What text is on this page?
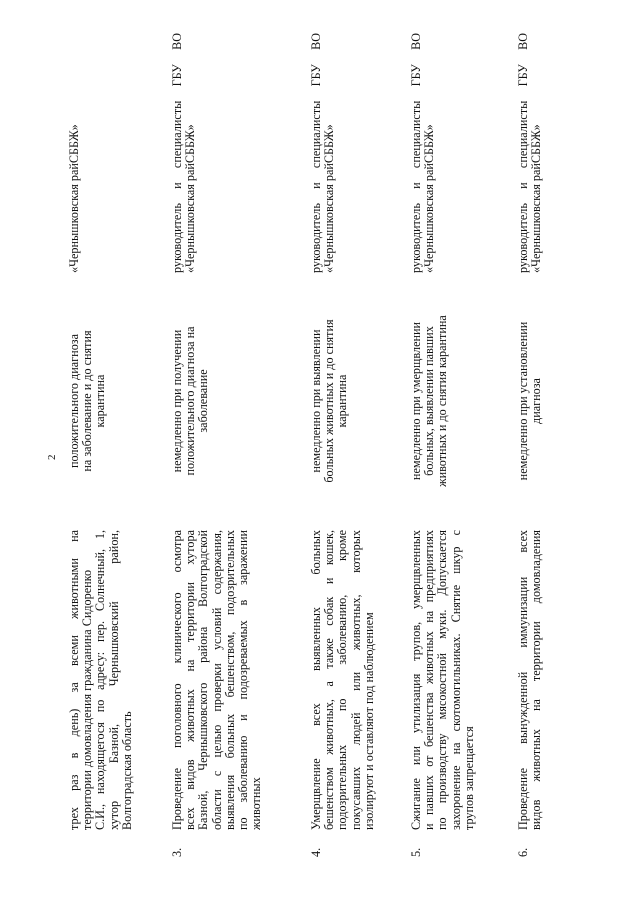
2
трех раз в день) за всеми животными на территории домовладения гражданина Сидоренко С.И., находящегося по адресу: пер. Солнечный, 1, хутор Базной, Чернышковский район, Волгоградская область
положительного диагноза на заболевание и до снятия карантина
«Чернышковская райСББЖ»
3.
Проведение поголовного клинического осмотра всех видов животных на территории хутора Базной, Чернышковского района Волгоградской области с целью проверки условий содержания, выявления больных бешенством, подозрительных по заболеванию и подозреваемых в заражении животных
немедленно при получении положительного диагноза на заболевание
руководитель и специалисты ГБУ ВО «Чернышковская райСББЖ»
4.
Умерщвление всех выявленных больных бешенством животных, а также собак и кошек, подозрительных по заболеванию, кроме покусавших людей или животных, которых изолируют и оставляют под наблюдением
немедленно при выявлении больных животных и до снятия карантина
руководитель и специалисты ГБУ ВО «Чернышковская райСББЖ»
5.
Сжигание или утилизация трупов, умерщвленных и павших от бешенства животных на предприятиях по производству мясокостной муки. Допускается захоронение на скотомогильниках. Снятие шкур с трупов запрещается
немедленно при умерщвлении больных, выявлении павших животных и до снятия карантина
руководитель и специалисты ГБУ ВО «Чернышковская райСББЖ»
6.
Проведение вынужденной иммунизации всех видов животных на территории домовладения
немедленно при установлении диагноза
руководитель и специалисты ГБУ ВО «Чернышковская райСББЖ»
